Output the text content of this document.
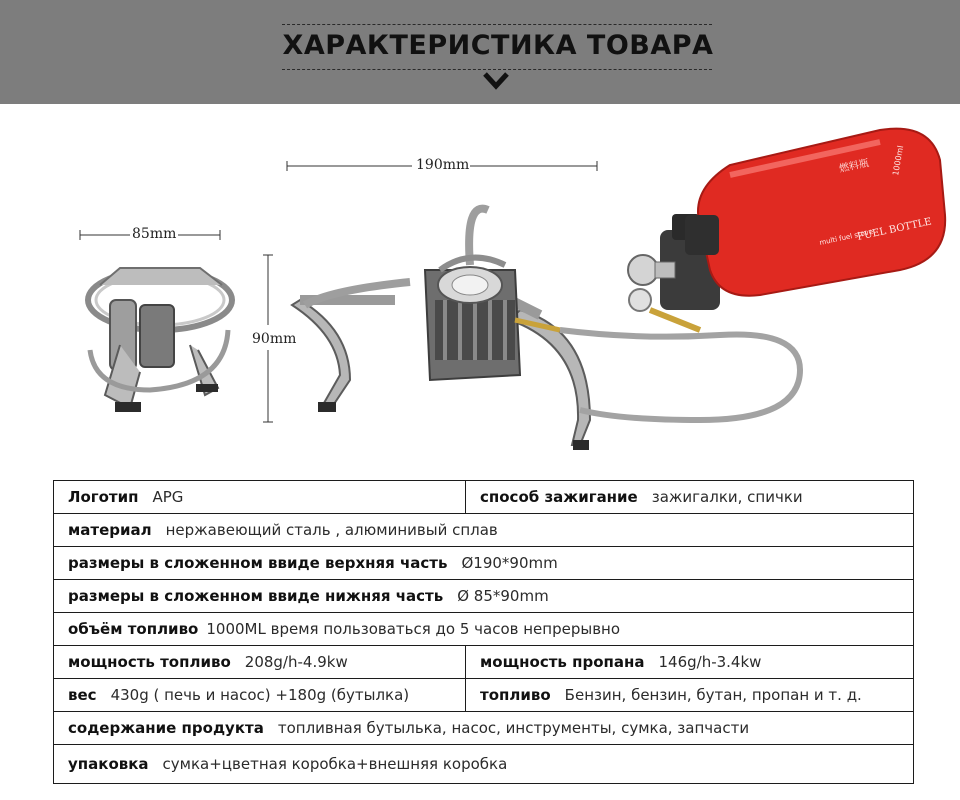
ХАРАКТЕРИСТИКА ТОВАРА
燃料瓶
FUEL BOTTLE
1000ml
multi fuel stove
85mm
190mm
90mm
Логотип APG	способ зажигание зажигалки, спички
материал нержавеющий сталь , алюминивый сплав	
размеры в сложенном ввиде верхняя часть Ø190*90mm	
размеры в сложенном ввиде нижняя часть Ø 85*90mm	
объём топливо 1000ML время пользоваться до 5 часов непрерывно	
мощность топливо 208g/h-4.9kw	мощность пропана 146g/h-3.4kw
вес 430g ( печь и насос) +180g (бутылка)	топливо Бензин, бензин, бутан, пропан и т. д.
содержание продукта топливная бутылька, насос, инструменты, сумка, запчасти	
упаковка сумка+цветная коробка+внешняя коробка	
